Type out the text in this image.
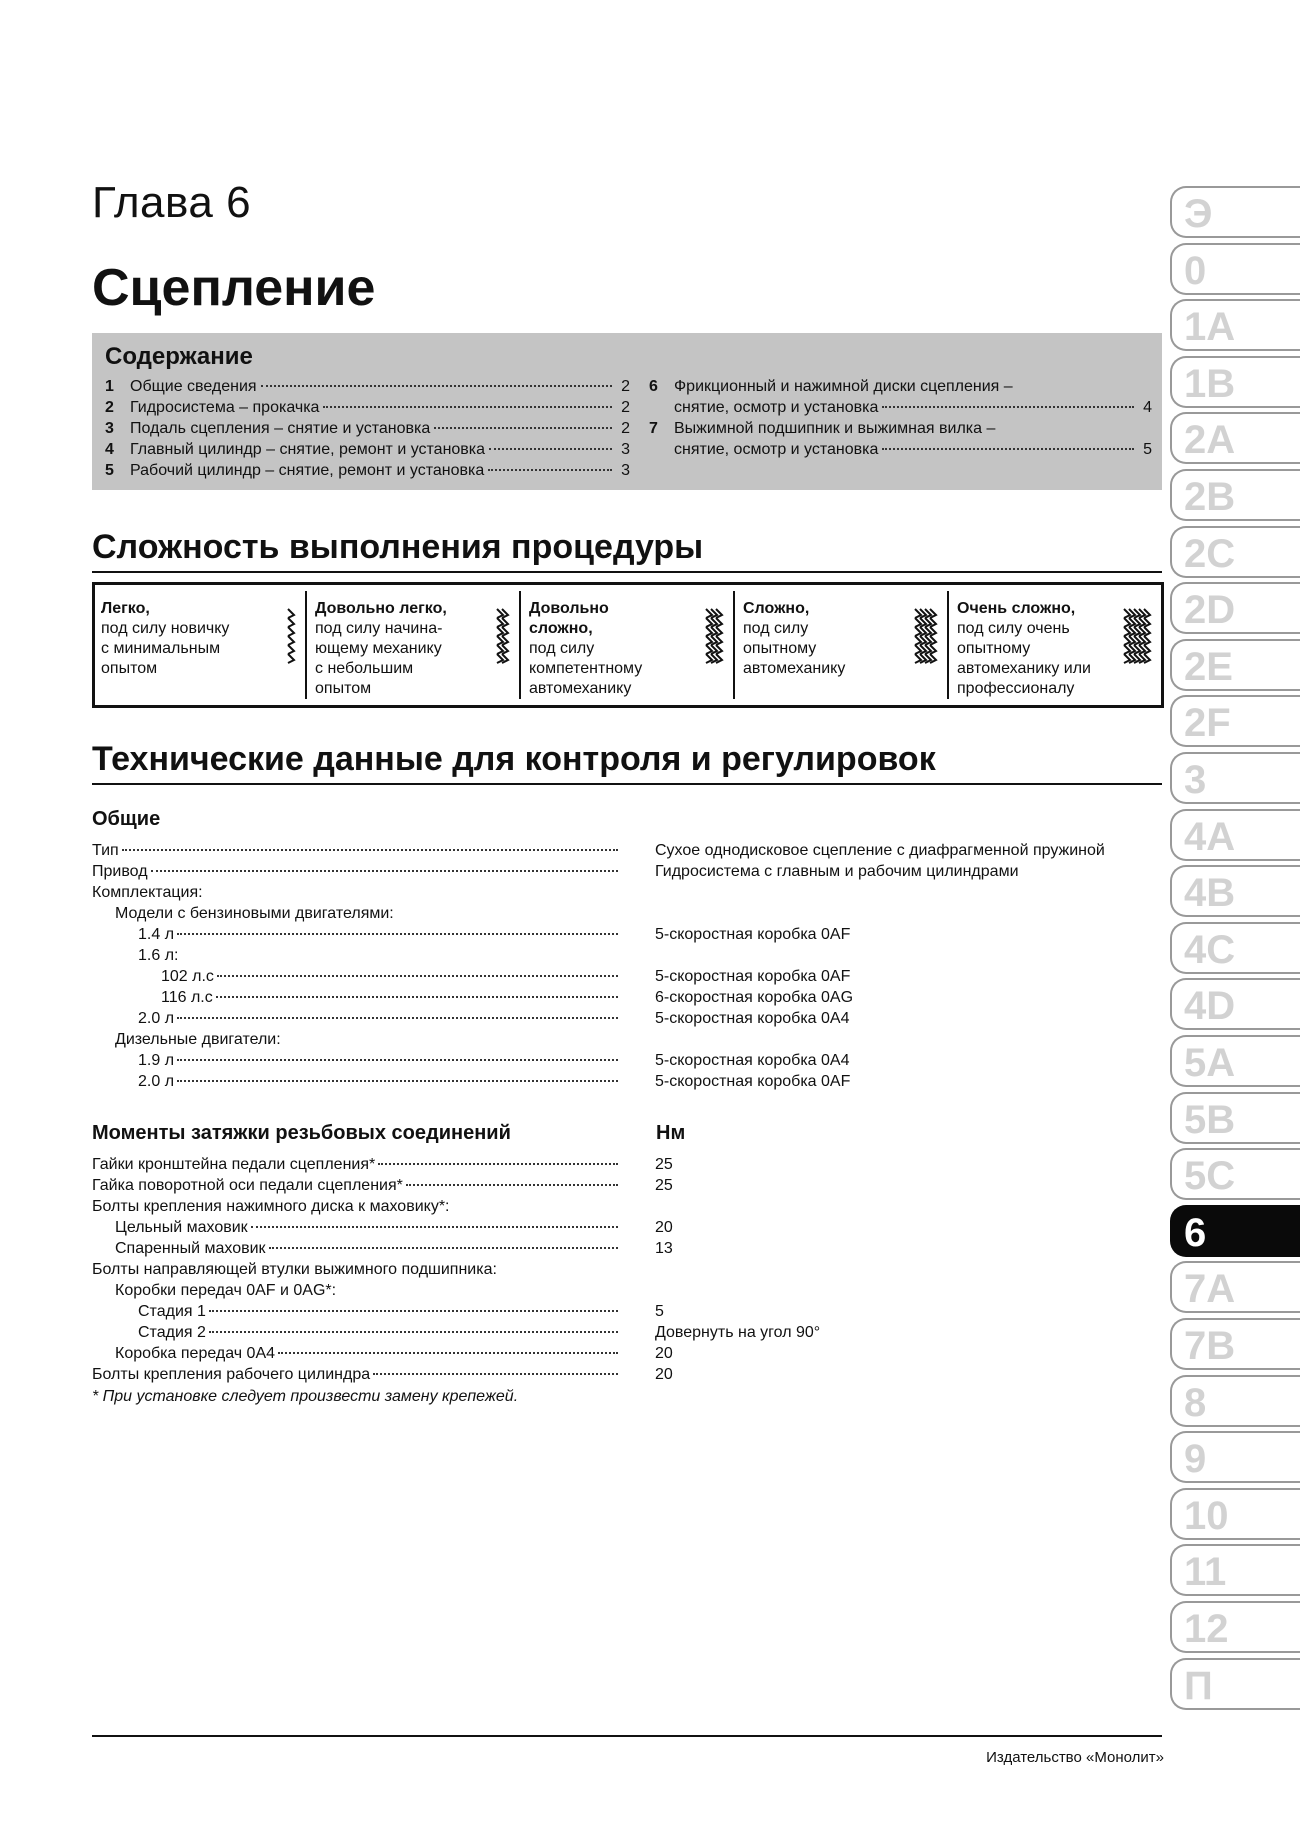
Глава 6
Сцепление
Содержание
1	Общие сведения	2
2	Гидросистема – прокачка	2
3	Подаль сцепления – снятие и установка	2
4	Главный цилиндр – снятие, ремонт и установка	3
5	Рабочий цилиндр – снятие, ремонт и установка	3
6	Фрикционный и нажимной диски сцепления –
снятие, осмотр и установка	4
7	Выжимной подшипник и выжимная вилка –
снятие, осмотр и установка	5
Сложность выполнения процедуры
Легко,
под силу новичку
с минимальным
опытом
Довольно легко,
под силу начина-
ющему механику
с небольшим
опытом
Довольно
сложно,
под силу
компетентному
автомеханику
Сложно,
под силу
опытному
автомеханику
Очень сложно,
под силу очень
опытному
автомеханику или
профессионалу
Технические данные для контроля и регулировок
Общие
Тип	Сухое однодисковое сцепление с диафрагменной пружиной
Привод	Гидросистема с главным и рабочим цилиндрами
Комплектация:
Модели с бензиновыми двигателями:
1.4 л	5-скоростная коробка 0AF
1.6 л:
102 л.с	5-скоростная коробка 0AF
116 л.с	6-скоростная коробка 0AG
2.0 л	5-скоростная коробка 0A4
Дизельные двигатели:
1.9 л	5-скоростная коробка 0A4
2.0 л	5-скоростная коробка 0AF
Моменты затяжки резьбовых соединений	Нм
Гайки кронштейна педали сцепления*	25
Гайка поворотной оси педали сцепления*	25
Болты крепления нажимного диска к маховику*:
Цельный маховик	20
Спаренный маховик	13
Болты направляющей втулки выжимного подшипника:
Коробки передач 0AF и 0AG*:
Стадия 1	5
Стадия 2	Довернуть на угол 90°
Коробка передач 0A4	20
Болты крепления рабочего цилиндра	20
* При установке следует произвести замену крепежей.
Э
0
1A
1B
2A
2B
2C
2D
2E
2F
3
4A
4B
4C
4D
5A
5B
5C
6
7A
7B
8
9
10
11
12
П
Издательство «Монолит»
